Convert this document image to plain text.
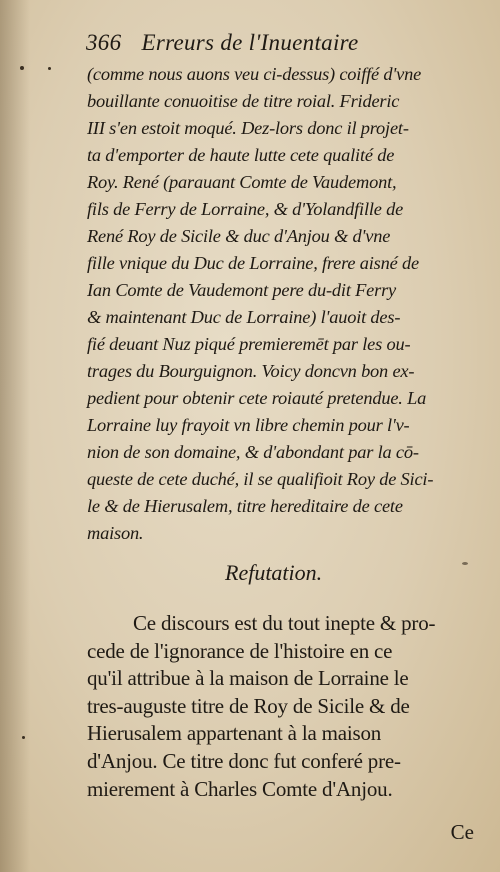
366 Erreurs de l'Inuentaire
(comme nous auons veu ci-dessus) coiffé d'vne
bouillante conuoitise de titre roial. Frideric
III s'en estoit moqué. Dez-lors donc il projet-
ta d'emporter de haute lutte cete qualité de
Roy. René (parauant Comte de Vaudemont,
fils de Ferry de Lorraine, & d'Yolandfille de
René Roy de Sicile & duc d'Anjou & d'vne
fille vnique du Duc de Lorraine, frere aisné de
Ian Comte de Vaudemont pere du-dit Ferry
& maintenant Duc de Lorraine) l'auoit des-
fié deuant Nuz piqué premieremēt par les ou-
trages du Bourguignon. Voicy doncvn bon ex-
pedient pour obtenir cete roiauté pretendue. La
Lorraine luy frayoit vn libre chemin pour l'v-
nion de son domaine, & d'abondant par la cō-
queste de cete duché, il se qualifioit Roy de Sici-
le & de Hierusalem, titre hereditaire de cete
maison.
Refutation.
Ce discours est du tout inepte & pro-
cede de l'ignorance de l'histoire en ce
qu'il attribue à la maison de Lorraine le
tres-auguste titre de Roy de Sicile & de
Hierusalem appartenant à la maison
d'Anjou. Ce titre donc fut conferé pre-
mierement à Charles Comte d'Anjou.
Ce
